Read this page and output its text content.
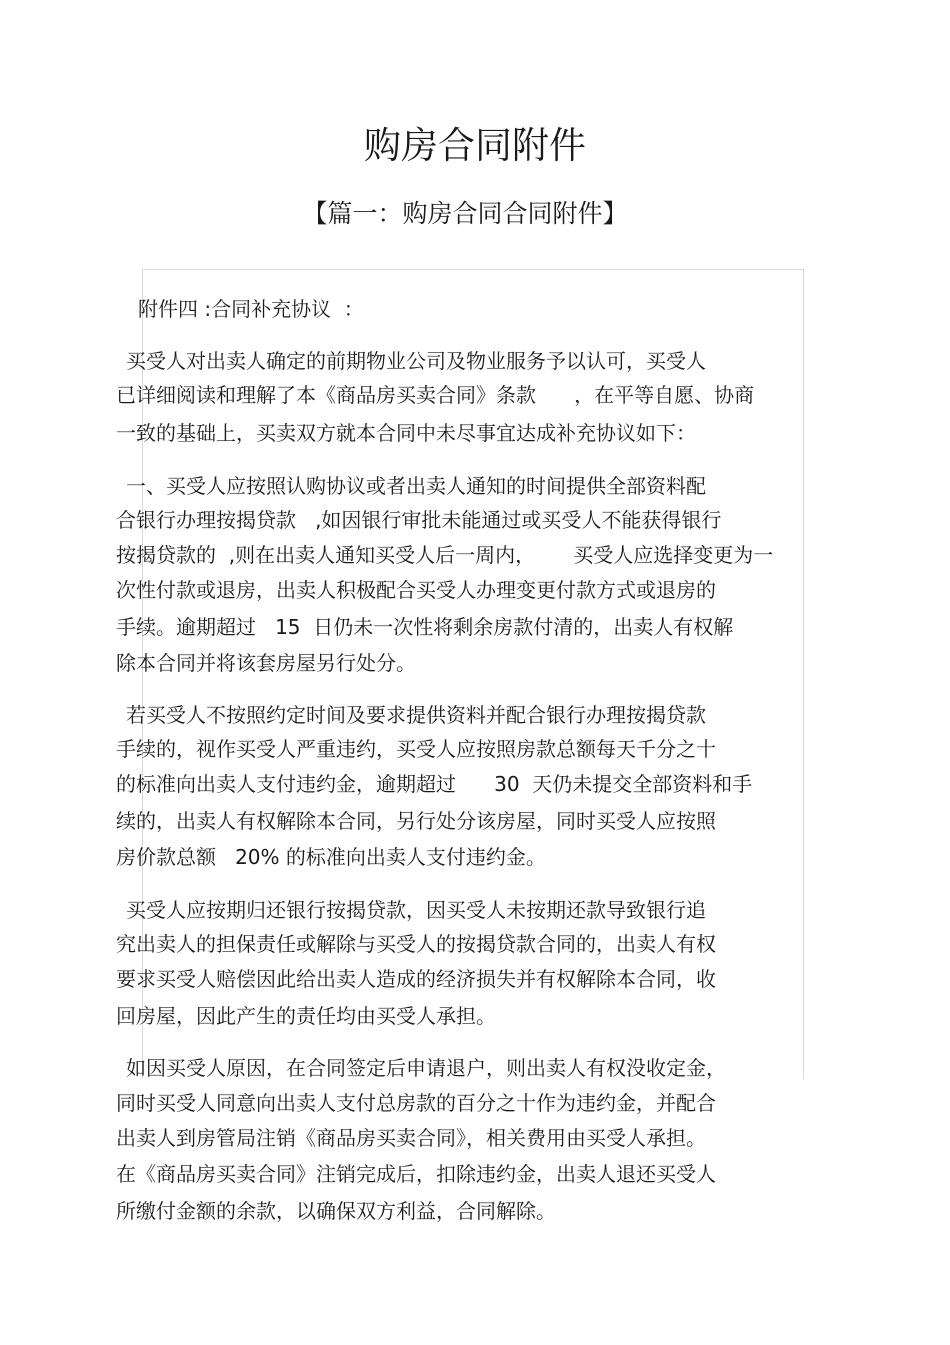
购房合同附件
【篇一：购房合同合同附件】

附件四 :合同补充协议  ：

买受人对出卖人确定的前期物业公司及物业服务予以认可，买受人

已详细阅读和理解了本《商品房买卖合同》条款      ，在平等自愿、协商

一致的基础上，买卖双方就本合同中未尽事宜达成补充协议如下：

一、买受人应按照认购协议或者出卖人通知的时间提供全部资料配

合银行办理按揭贷款   ,如因银行审批未能通过或买受人不能获得银行

按揭贷款的  ,则在出卖人通知买受人后一周内，      买受人应选择变更为一

次性付款或退房，出卖人积极配合买受人办理变更付款方式或退房的

手续。逾期超过   15  日仍未一次性将剩余房款付清的，出卖人有权解

除本合同并将该套房屋另行处分。

若买受人不按照约定时间及要求提供资料并配合银行办理按揭贷款

手续的，视作买受人严重违约，买受人应按照房款总额每天千分之十

的标准向出卖人支付违约金，逾期超过      30  天仍未提交全部资料和手

续的，出卖人有权解除本合同，另行处分该房屋，同时买受人应按照

房价款总额   20% 的标准向出卖人支付违约金。

买受人应按期归还银行按揭贷款，因买受人未按期还款导致银行追

究出卖人的担保责任或解除与买受人的按揭贷款合同的，出卖人有权

要求买受人赔偿因此给出卖人造成的经济损失并有权解除本合同，收

回房屋，因此产生的责任均由买受人承担。

如因买受人原因，在合同签定后申请退户，则出卖人有权没收定金，

同时买受人同意向出卖人支付总房款的百分之十作为违约金，并配合

出卖人到房管局注销《商品房买卖合同》，相关费用由买受人承担。

在《商品房买卖合同》注销完成后，扣除违约金，出卖人退还买受人

所缴付金额的余款，以确保双方利益，合同解除。
